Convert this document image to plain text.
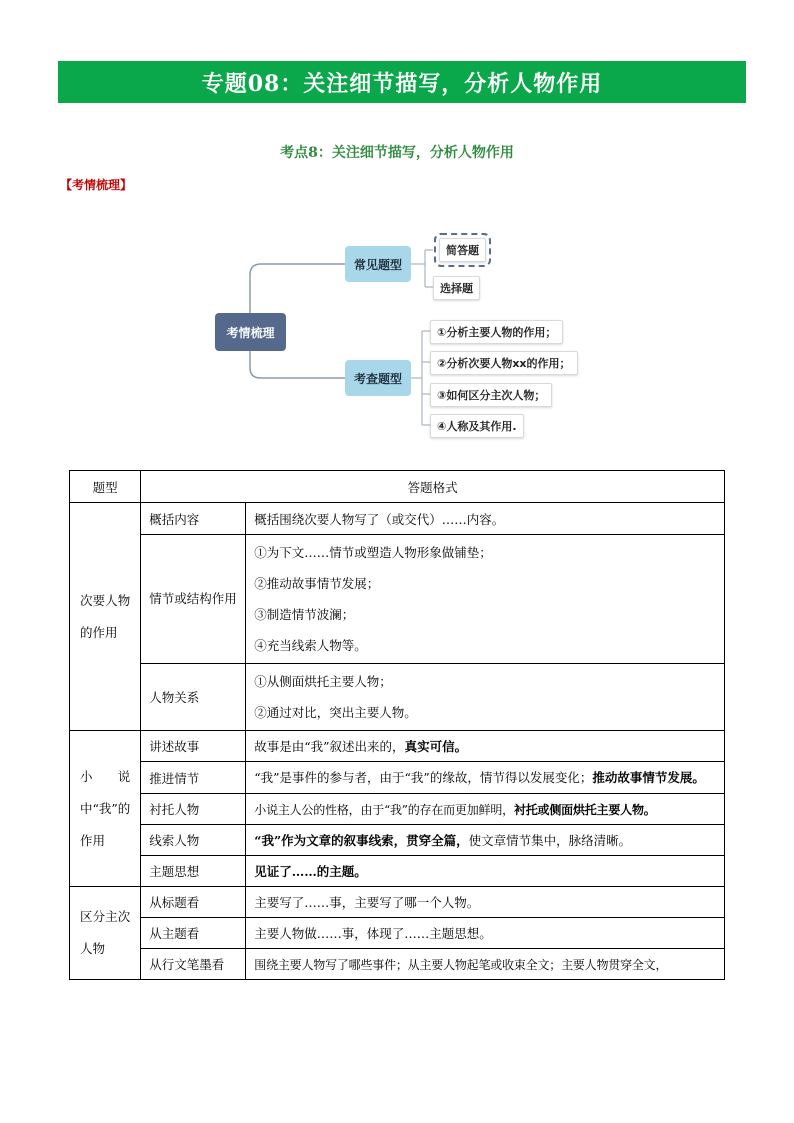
专题08：关注细节描写，分析人物作用
考点8：关注细节描写，分析人物作用
【考情梳理】
考情梳理
常见题型
考查题型
简答题
选择题
①分析主要人物的作用；
②分析次要人物xx的作用；
③如何区分主次人物；
④人称及其作用.
题型	答题格式	
次要人物的作用	概括内容	概括围绕次要人物写了（或交代）……内容。
	情节或结构作用	①为下文……情节或塑造人物形象做铺垫；
②推动故事情节发展；
③制造情节波澜；
④充当线索人物等。

	人物关系	①从侧面烘托主要人物；
②通过对比，突出主要人物。

小说中“我”的作用	讲述故事	故事是由“我”叙述出来的，真实可信。
	推进情节	“我”是事件的参与者，由于“我”的缘故，情节得以发展变化；推动故事情节发展。
	衬托人物	小说主人公的性格，由于“我”的存在而更加鲜明，衬托或侧面烘托主要人物。
	线索人物	“我”作为文章的叙事线索，贯穿全篇，使文章情节集中，脉络清晰。
	主题思想	见证了……的主题。
区分主次人物	从标题看	主要写了……事，主要写了哪一个人物。
	从主题看	主要人物做……事，体现了……主题思想。
	从行文笔墨看	围绕主要人物写了哪些事件；从主要人物起笔或收束全文；主要人物贯穿全文，
